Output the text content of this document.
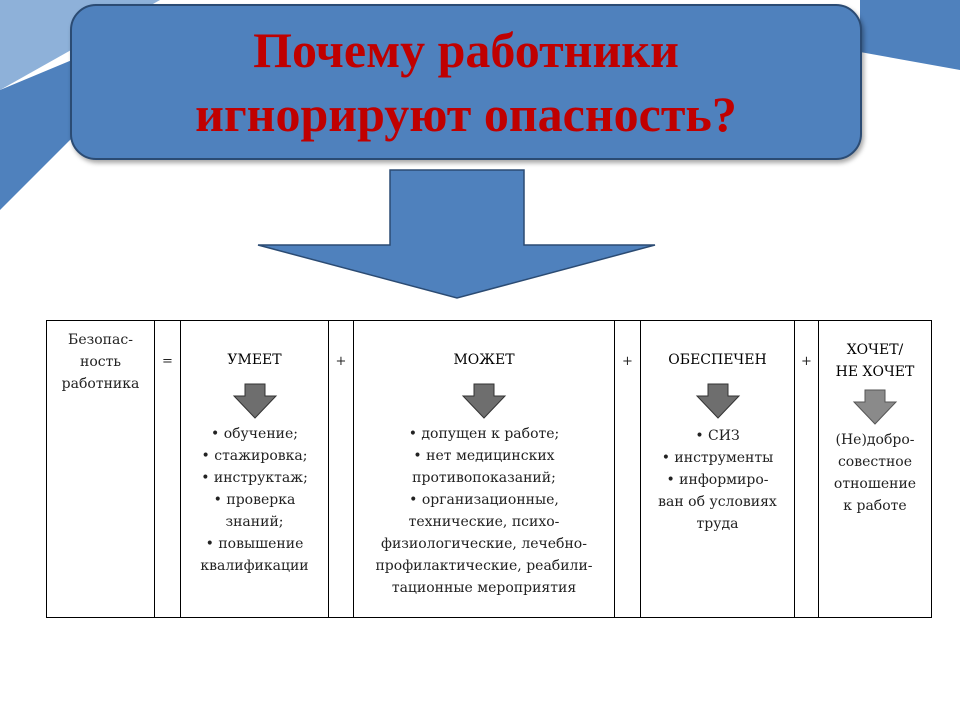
Почему работники
игнорируют опасность?
Безопас-
ность
работника
=	УМЕЕТ
• обучение;
• стажировка;
• инструктаж;
• проверка
знаний;
• повышение
квалификации
+	МОЖЕТ
• допущен к работе;
• нет медицинских
противопоказаний;
• организационные,
технические, психо-
физиологические, лечебно-
профилактические, реабили-
тационные мероприятия
+	ОБЕСПЕЧЕН
• СИЗ
• инструменты
• информиро-
ван об условиях
труда
+
ХОЧЕТ/
НЕ ХОЧЕТ
(Не)добро-
совестное
отношение
к работе
